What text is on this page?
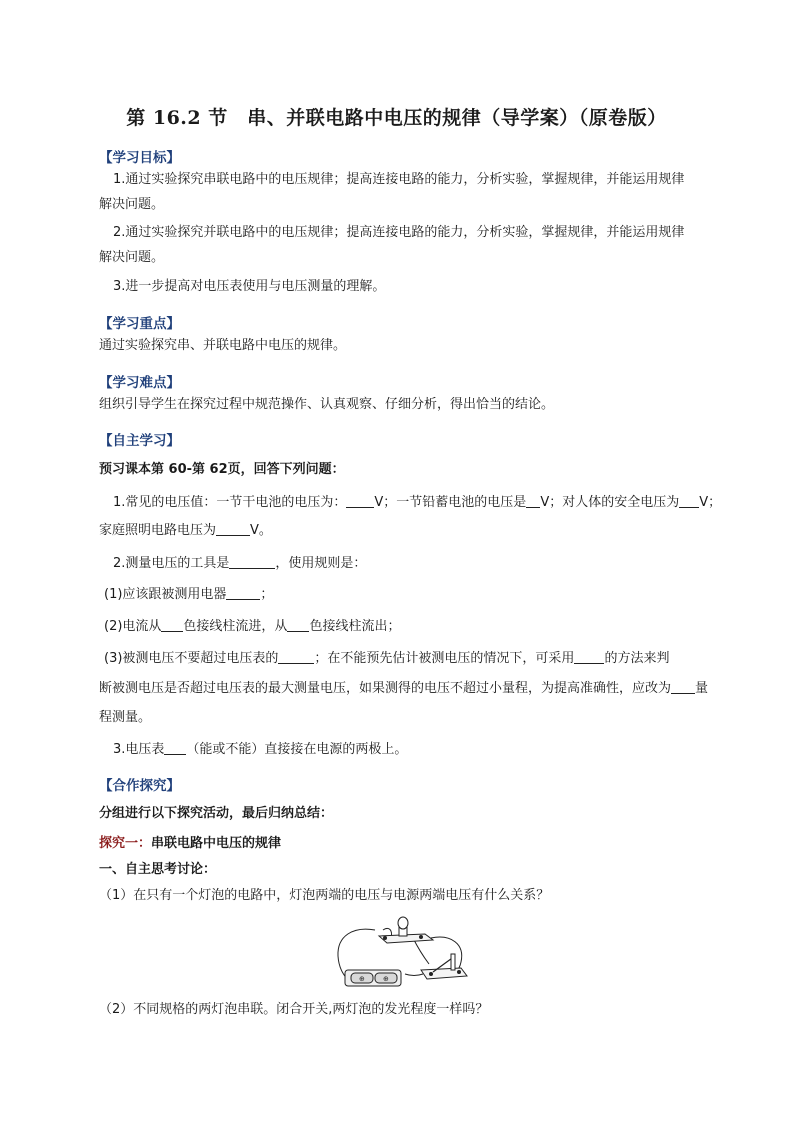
第 16.2 节　串、并联电路中电压的规律（导学案）（原卷版）
【学习目标】
1.通过实验探究串联电路中的电压规律；提高连接电路的能力，分析实验，掌握规律，并能运用规律
解决问题。
2.通过实验探究并联电路中的电压规律；提高连接电路的能力，分析实验，掌握规律，并能运用规律
解决问题。
3.进一步提高对电压表使用与电压测量的理解。
【学习重点】
通过实验探究串、并联电路中电压的规律。
【学习难点】
组织引导学生在探究过程中规范操作、认真观察、仔细分析，得出恰当的结论。
【自主学习】
预习课本第 60-第 62页，回答下列问题：
1.常见的电压值：一节干电池的电压为： V；一节铅蓄电池的电压是 V；对人体的安全电压为 V；
家庭照明电路电压为	V。
2.测量电压的工具是	，使用规则是：
(1)应该跟被测用电器	；
(2)电流从 色接线柱流进，从 色接线柱流出；
(3)被测电压不要超过电压表的	；在不能预先估计被测电压的情况下，可采用 的方法来判
断被测电压是否超过电压表的最大测量电压，如果测得的电压不超过小量程，为提高准确性，应改为 量
程测量。
3.电压表 （能或不能）直接接在电源的两极上。
【合作探究】
分组进行以下探究活动，最后归纳总结：
探究一：串联电路中电压的规律
一、自主思考讨论：
（1）在只有一个灯泡的电路中，灯泡两端的电压与电源两端电压有什么关系？
⊕	⊕
（2）不同规格的两灯泡串联。闭合开关,两灯泡的发光程度一样吗？
